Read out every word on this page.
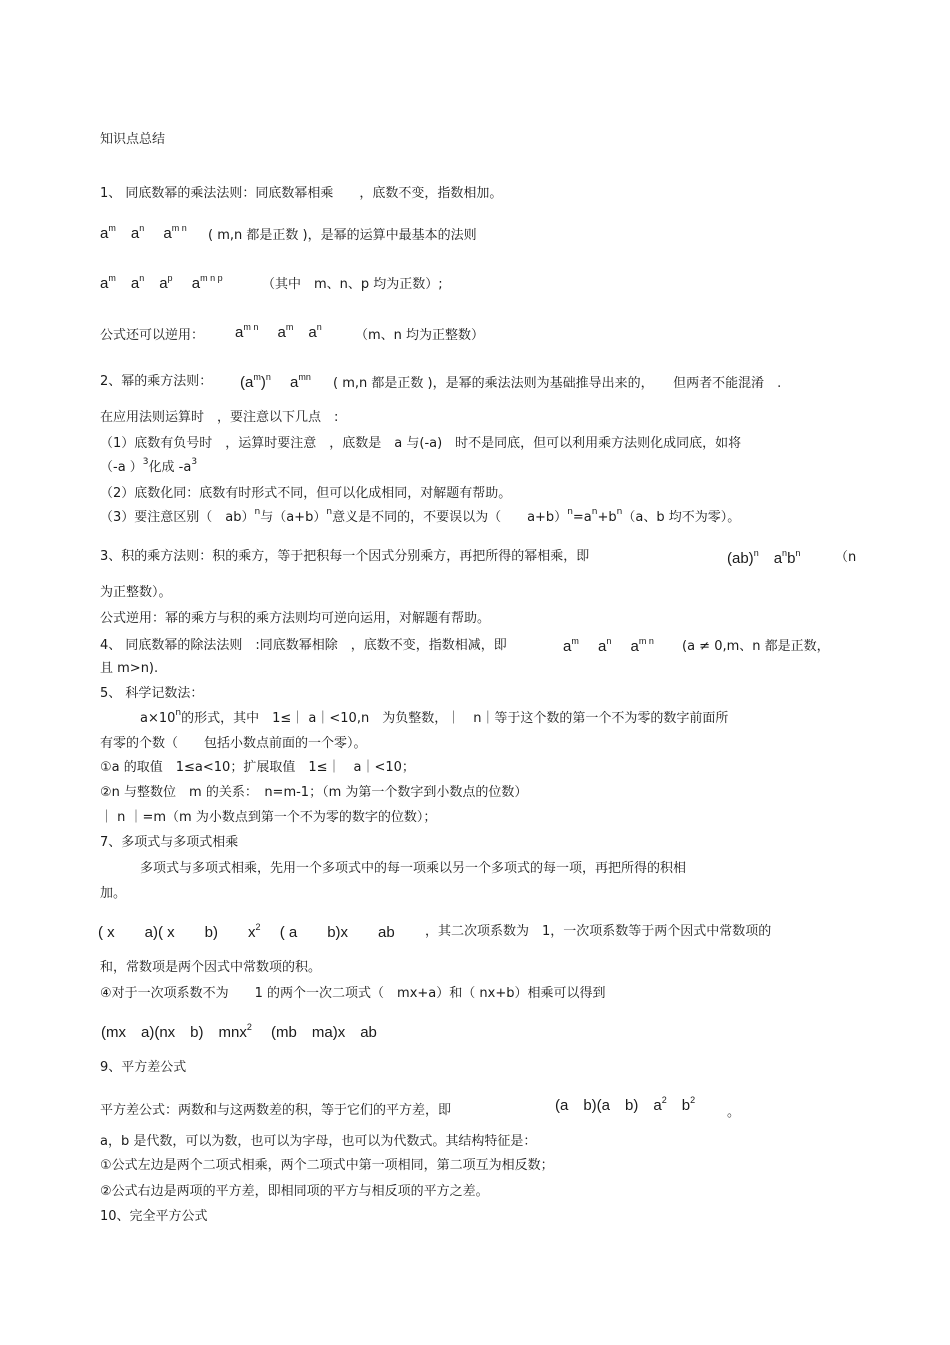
知识点总结
1、 同底数幂的乘法法则：同底数幂相乘　　，底数不变，指数相加。
$a^m$　$a^n$　 $a^{m n}$ ( m,n 都是正数 )，是幂的运算中最基本的法则
$a^m$　$a^n$　$a^p$　 $a^{m n p}$	（其中　m、n、p 均为正数）;
公式还可以逆用： $a^{m n}$　 $a^m$　$a^n$
（m、n 均为正整数）
2、幂的乘方法则： $(a^m)^n$　 $a^{mn}$ ( m,n 都是正数 )，是幂的乘法法则为基础推导出来的，　　但两者不能混淆　.
在应用法则运算时　，要注意以下几点　:
（1）底数有负号时　，运算时要注意　，底数是　a 与(-a)　时不是同底，但可以利用乘方法则化成同底，如将
（-a ）$^3$化成 $-a^3$
（2）底数化同：底数有时形式不同，但可以化成相同，对解题有帮助。
（3）要注意区别（　ab）$^n$与$(a+b)^n$意义是不同的，不要误以为（　　$a+b)^n=a^n+b^n(a$、b 均不为零）。
3、积的乘方法则：积的乘方，等于把积每一个因式分别乘方，再把所得的幂相乘，即	(ab)$^n$　$a^nb^n$	（n
为正整数）。
公式逆用：幂的乘方与积的乘方法则均可逆向运用，对解题有帮助。
4、 同底数幂的除法法则　:同底数幂相除　，底数不变，指数相减，即	$a^m$　 $a^n$　 $a^{m n}$ (a ≠ 0,m、n 都是正数，
且 m>n).
5、 科学记数法：
$a\times 10^n$的形式，其中　1≤｜ a｜<10,n　为负整数，｜　n｜等于这个数的第一个不为零的数字前面所
有零的个数（　　包括小数点前面的一个零）。
①a 的取值　1≤a<10；扩展取值　1≤｜　a｜<10；
②n 与整数位　m 的关系：　n=m-1；（m 为第一个数字到小数点的位数）
｜ n ｜=m（m 为小数点到第一个不为零的数字的位数）；
7、多项式与多项式相乘
多项式与多项式相乘，先用一个多项式中的每一项乘以另一个多项式的每一项，再把所得的积相
加。
( x　　a)( x　　b)　　$x^2$　 ( a　　b)x　　ab ，其二次项系数为　1，一次项系数等于两个因式中常数项的
和，常数项是两个因式中常数项的积。
④对于一次项系数不为　　1 的两个一次二项式（　mx+a）和（ nx+b）相乘可以得到
(mx　a)(nx　b)　mnx$^2$　 (mb　ma)x　ab
9、平方差公式
平方差公式：两数和与这两数差的积，等于它们的平方差，即	(a　b)(a　b)　$a^2$　$b^2$
。
a，b 是代数，可以为数，也可以为字母，也可以为代数式。其结构特征是：
①公式左边是两个二项式相乘，两个二项式中第一项相同，第二项互为相反数；
②公式右边是两项的平方差，即相同项的平方与相反项的平方之差。
10、完全平方公式
